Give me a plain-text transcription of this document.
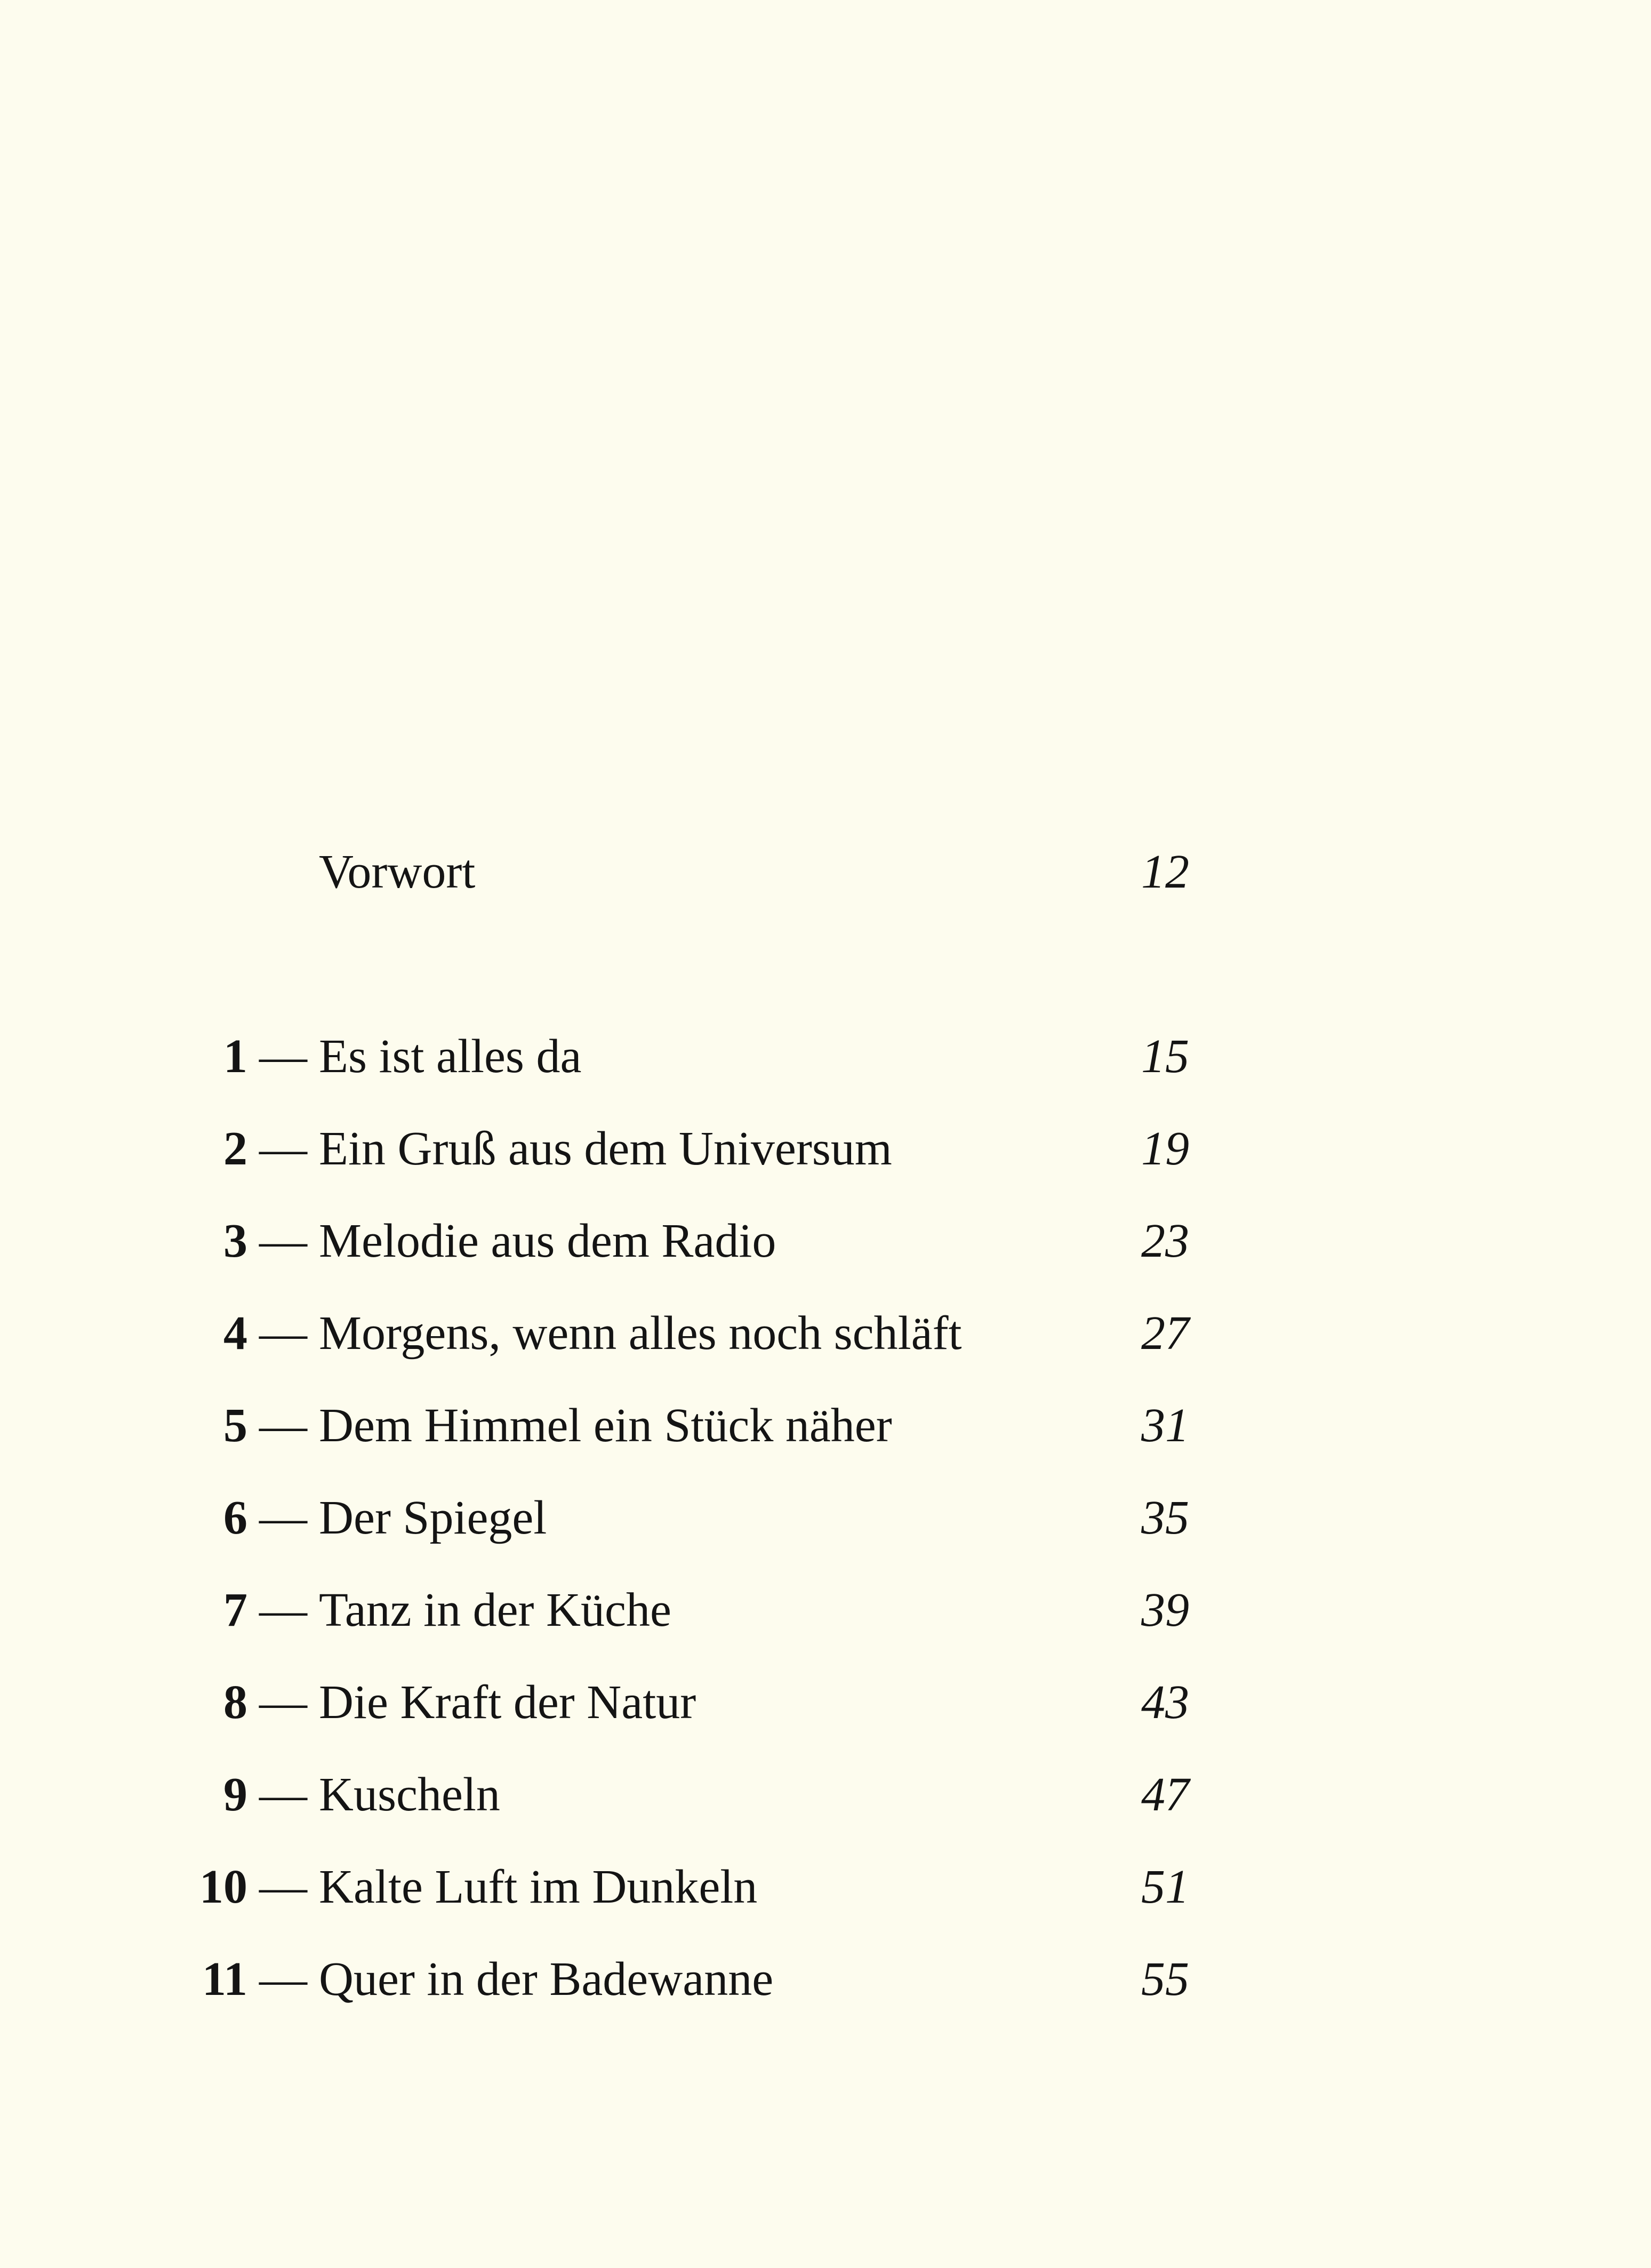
Vorwort	12
1 — Es ist alles da	15
2 — Ein Gruß aus dem Universum	19
3 — Melodie aus dem Radio	23
4 — Morgens, wenn alles noch schläft	27
5 — Dem Himmel ein Stück näher	31
6 — Der Spiegel	35
7 — Tanz in der Küche	39
8 — Die Kraft der Natur	43
9 — Kuscheln	47
10 — Kalte Luft im Dunkeln	51
11 — Quer in der Badewanne	55
